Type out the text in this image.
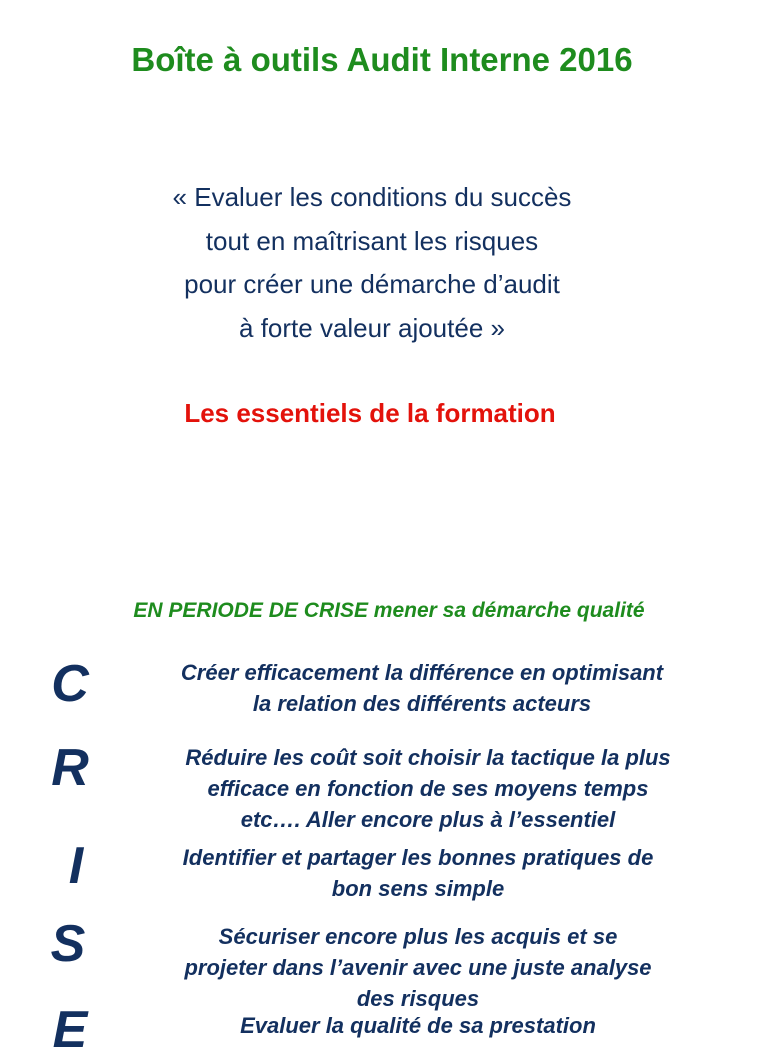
Boîte à outils Audit Interne 2016
« Evaluer les conditions du succès
tout en maîtrisant les risques
pour créer une démarche d’audit
à forte valeur ajoutée »
Les essentiels de la formation
EN PERIODE DE CRISE mener sa démarche qualité
C	Créer efficacement la différence en optimisant
la relation des différents acteurs
R	Réduire les coût soit choisir la tactique la plus
efficace en fonction de ses moyens temps
etc…. Aller encore plus à l’essentiel
I	Identifier et partager les bonnes pratiques de
bon sens simple
S	Sécuriser encore plus les acquis et se
projeter dans l’avenir avec une juste analyse
des risques
E	Evaluer la qualité de sa prestation
